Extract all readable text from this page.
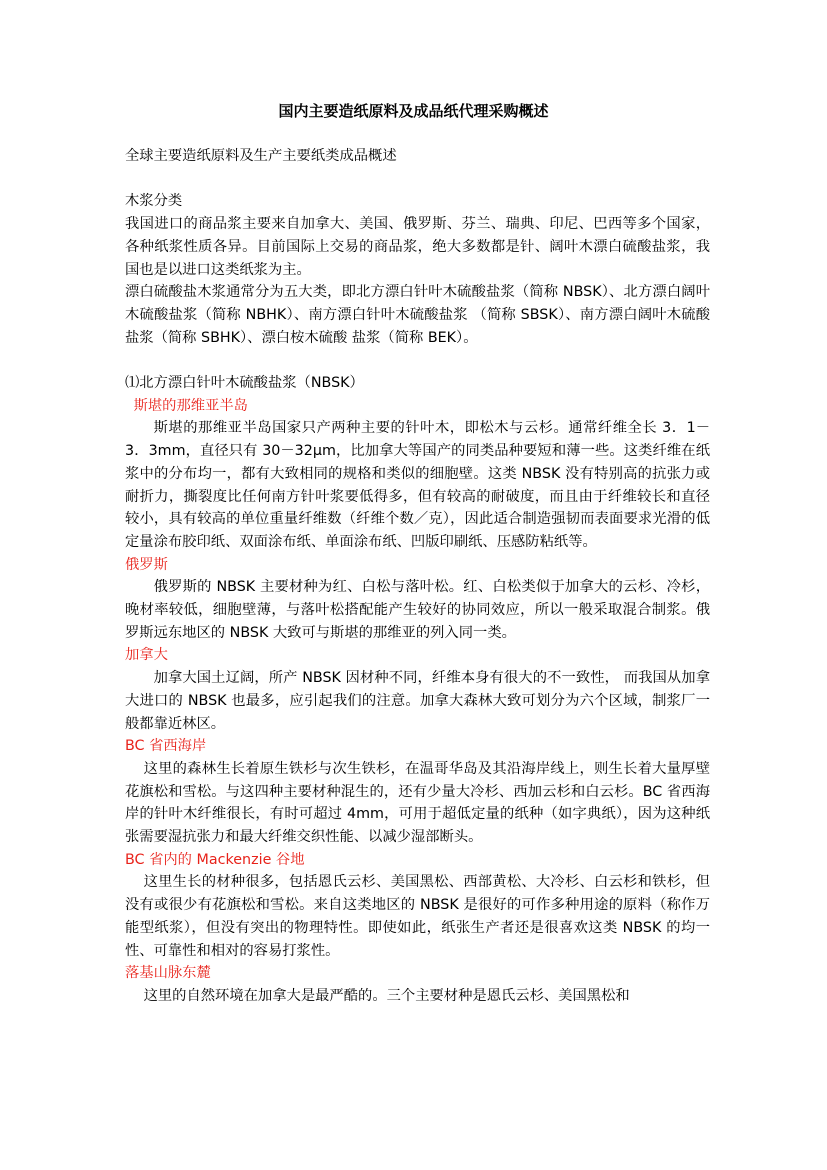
国内主要造纸原料及成品纸代理采购概述

全球主要造纸原料及生产主要纸类成品概述

木浆分类

我国进口的商品浆主要来自加拿大、美国、俄罗斯、芬兰、瑞典、印尼、巴西等多个国家，各种纸浆性质各异。目前国际上交易的商品浆，绝大多数都是针、阔叶木漂白硫酸盐浆，我国也是以进口这类纸浆为主。

漂白硫酸盐木浆通常分为五大类，即北方漂白针叶木硫酸盐浆（简称 NBSK）、北方漂白阔叶木硫酸盐浆（简称 NBHK）、南方漂白针叶木硫酸盐浆 （简称 SBSK）、南方漂白阔叶木硫酸盐浆（简称 SBHK）、漂白桉木硫酸 盐浆（简称 BEK）。

⑴北方漂白针叶木硫酸盐浆（NBSK）

斯堪的那维亚半岛

斯堪的那维亚半岛国家只产两种主要的针叶木，即松木与云杉。通常纤维全长 3．1－3．3mm，直径只有 30－32μm，比加拿大等国产的同类品种要短和薄一些。这类纤维在纸浆中的分布均一，都有大致相同的规格和类似的细胞壁。这类 NBSK 没有特别高的抗张力或耐折力，撕裂度比任何南方针叶浆要低得多，但有较高的耐破度，而且由于纤维较长和直径较小，具有较高的单位重量纤维数（纤维个数／克），因此适合制造强韧而表面要求光滑的低定量涂布胶印纸、双面涂布纸、单面涂布纸、凹版印刷纸、压感防粘纸等。

俄罗斯

俄罗斯的 NBSK 主要材种为红、白松与落叶松。红、白松类似于加拿大的云杉、冷杉，晚材率较低，细胞壁薄，与落叶松搭配能产生较好的协同效应，所以一般采取混合制浆。俄罗斯远东地区的 NBSK 大致可与斯堪的那维亚的列入同一类。

加拿大

加拿大国土辽阔，所产 NBSK 因材种不同，纤维本身有很大的不一致性， 而我国从加拿大进口的 NBSK 也最多，应引起我们的注意。加拿大森林大致可划分为六个区域，制浆厂一般都靠近林区。

BC 省西海岸

这里的森林生长着原生铁杉与次生铁杉，在温哥华岛及其沿海岸线上，则生长着大量厚壁花旗松和雪松。与这四种主要材种混生的，还有少量大冷杉、西加云杉和白云杉。BC 省西海岸的针叶木纤维很长，有时可超过 4mm，可用于超低定量的纸种（如字典纸），因为这种纸张需要湿抗张力和最大纤维交织性能、以减少湿部断头。

BC 省内的 Mackenzie 谷地

这里生长的材种很多，包括恩氏云杉、美国黑松、西部黄松、大冷杉、白云杉和铁杉，但没有或很少有花旗松和雪松。来自这类地区的 NBSK 是很好的可作多种用途的原料（称作万能型纸浆），但没有突出的物理特性。即使如此，纸张生产者还是很喜欢这类 NBSK 的均一性、可靠性和相对的容易打浆性。

落基山脉东麓

这里的自然环境在加拿大是最严酷的。三个主要材种是恩氏云杉、美国黑松和
